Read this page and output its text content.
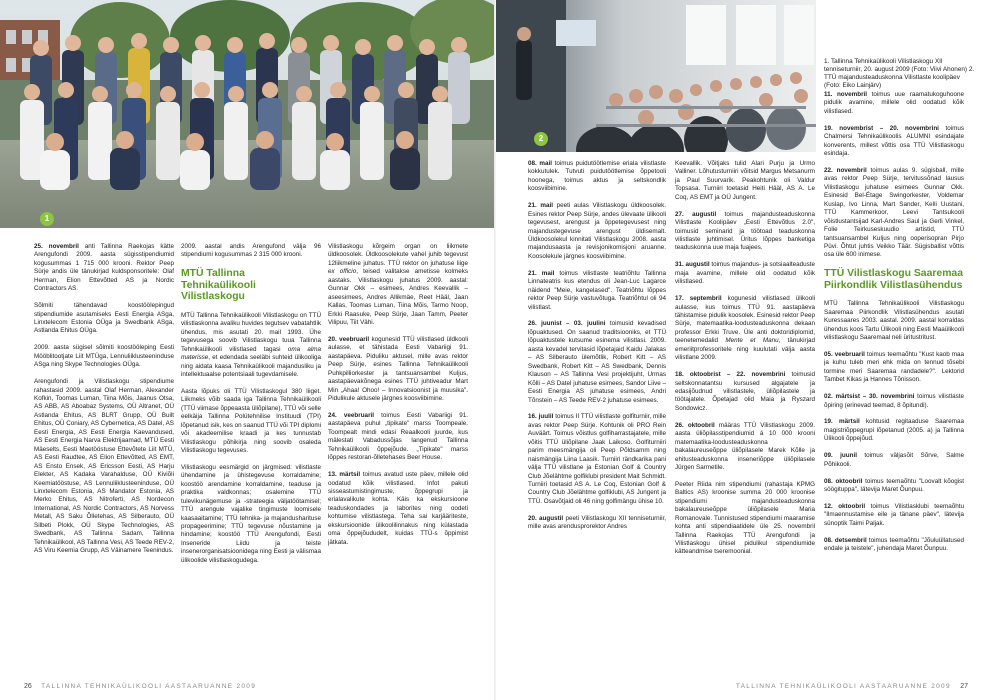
1
2
1. Tallinna Tehnikaülikooli Vilistlaskogu XII tenniseturniir, 20. august 2009 (Foto: Viivi Ahonen) 2. TTÜ majandusteaduskonna Vilistlaste koolipäev (Foto: Eiko Lainjärv)

25. novembril anti Tallinna Raekojas kätte Arengufondi 2009. aasta sügisstipendiumid kogusummas 1 715 000 krooni. Rektor Peep Sürje andis üle tänukirjad kuldsponsoritele: Olaf Herman, Elion Ettevõtted AS ja Nordic Contractors AS.

Sõlmiti tähendavad koostöölepingud stipendiumide asutamiseks Eesti Energia ASga, Linxtelecom Estonia OÜga ja Swedbank ASga, Astlanda Ehitus OÜga.

2009. aasta sügisel sõlmiti koostööleping Eesti Mööblitootjate Liit MTÜga, Lennuliiklusteeninduse ASga ning Skype Technologies OÜga.

Arengufondi ja Vilistlaskogu stipendiume rahastasid 2009. aastal Olaf Herman, Alexander Kofkin, Toomas Luman, Tiina Mõis, Jaanus Otsa, AS ABB, AS Aboabaz Systems, OÜ Altranet, OÜ Astlanda Ehitus, AS BLRT Grupp, OÜ Built Ehitus, OÜ Coniary, AS Cybernetica, AS Datel, AS Eesti Energia, AS Eesti Energia Kaevandused, AS Eesti Energia Narva Elektrijaamad, MTÜ Eesti Mäeselts, Eesti Maetööstuse Ettevõtete Liit MTÜ, AS Eesti Raudtee, AS Elion Ettevõtted, AS EMT, AS Ensto Ensek, AS Ericsson Eesti, AS Harju Elekter, AS Kadaka Varahalduse, OÜ Kiviõli Keemiatööstuse, AS Lennuliiklusteeninduse, OÜ Linxtelecom Estonia, AS Mandator Estonia, AS Merko Ehitus, AS Nitroferti, AS Nordecon International, AS Nordic Contractors, AS Norvess Metall, AS Saku Õlletehas, AS Silberauto, OÜ Silbeti Plokk, OÜ Skype Technologies, AS Swedbank, AS Tallinna Sadam, Tallinna Tehnikaülikool, AS Tallinna Vesi, AS Teede REV-2, AS Viru Keemia Grupp, AS Väinamere Teenindus.

2009. aastal andis Arengufond välja 96 stipendiumi kogusummas 2 315 000 krooni.

MTÜ Tallinna Tehnikaülikooli Vilistlaskogu

MTÜ Tallinna Tehnikaülikooli Vilistlaskogu on TTÜ vilistlaskonna avaliku huvides tegutsev vabatahtlik ühendus, mis asutati 20. mail 1993. Ühe tegevusega soovib Vilistlaskogu tuua Tallinna Tehnikaülikooli vilistlased tagasi oma alma materisse, et edendada seeläbi suhteid ülikooliga ning aidata kaasa Tehnikaülikooli majandusliku ja intellektuaalse potentsiaali tugevdamisele.

Aasta lõpuks oli TTÜ Vilistlaskogul 380 liiget. Liikmeks võib saada iga Tallinna Tehnikaülikooli (TTÜ viimase õppeaasta üliõpilane), TTÜ või selle eelkäija Tallinna Polütehnilise Instituudi (TPI) lõpetanud isik, kes on saanud TTÜ või TPI diplomi või akadeemilise kraadi ja kes tunnustab Vilistlaskogu põhikirja ning soovib osaleda Vilistlaskogu tegevuses.

Vilistlaskogu eesmärgid on järgmised: vilistlaste ühendamine ja ühistegevuse korraldamine; koostöö arendamine korraldamine, teaduse ja praktika valdkonnas; osalemine TTÜ tulevikunägemuse ja -strateegia väljatöötamisel; TTÜ arengule vajalike tingimuste loomisele kaasaaitamine; TTÜ tehnika- ja majandusharituse propageerimine; TTÜ tegevuse nõustamine ja hindamine; koostöö TTÜ Arengufondi, Eesti Inseneride Liidu ja teiste insenerorganisatsioonidega ning Eesti ja välismaa ülikoolide vilistlaskogudega.

Vilistlaskogu kõrgeim organ on liikmete üldkoosolek. Üldkoosolekute vahel juhib tegevust 12liikmeline juhatus. TTÜ rektor on juhatuse liige ex officio, teised valitakse ametisse kolmeks aastaks. Vilistlaskogu juhatus 2009. aastal: Gunnar Okk – esimees, Andres Keevallik – aseesimees, Andres Allikmäe, Reet Hääl, Jaan Kallas, Toomas Luman, Tiina Mõis, Tarmo Noop, Erkki Raasuke, Peep Sürje, Jaan Tamm, Peeter Vilipuu, Tiit Vähi.

20. veebruaril kogunesid TTÜ vilistlased üldkooli aulasse, et tähistada Eesti Vabariigi 91. aastapäeva. Piduliku aktusel, mille avas rektor Peep Sürje, esines Tallinna Tehnikaülikooli Puhkpilliorkester ja tantsuansambel Kuljus, aastapäevakõnega esines TTÜ juhtiveadur Mart Min „Ahaa! Ohoo! – Innovatsioonist ja muusika". Pidulikule aktusele järgnes koosviibimine.

24. veebruaril toimus Eesti Vabariigi 91. aastapäeva puhul „tipikate" marss Toompeale. Toompealt mindi edasi Reaalkooli juurde, kus mälestati Vabadussõjas langenud Tallinna Tehnikaülikooli õppejõude. „Tipikate" marss lõppes restoran-õlletehases Beer House.

13. märtsil toimus avatud uste päev, millele olid oodatud kõik vilistlased. Infot pakuti sisseastumistingimuste, õppegrupi ja erialavalikute kohta. Käis ka ekskursioone teaduskondades ja laborites ning oodeti kohtumise vilistlastega. Teha sai karjääriteste, ekskursioonide ülikoolilinnakus ning külastada oma õppejõududelt, kuidas TTÜ-s õppimist jätkata.

08. mail toimus puidutöötlemise eriala vilistlaste kokkutulek. Tutvuti puidutöötlemise õppetooli hoonega, toimus aktus ja seltskondlik koosviibimine.

21. mail peeti aulas Vilistlaskogu üldkoosolek. Esines rektor Peep Sürje, andes ülevaate ülikooli tegevusest, arengust ja õppetegevusest ning majandustegevuse arengust üldisemalt. Üldkoosolekul kinnitati Vilistlaskogu 2008. aasta majandusaasta ja revisjonikomisjoni aruanne. Koosolekule järgnes koosviibimine.

21. mail toimus vilistlaste teatriõhtu Tallinna Linnateatris kus etendus oli Jean-Luc Lagarce näidend "Meie, kangelased". Teatriõhtu lõppes rektor Peep Sürje vastuvõtuga. Teatriõhtul oli 94 vilistlast.

26. juunist – 03. juulini toimusid kevadised lõpuaktused. On saanud traditsiooniks, et TTÜ lõpuaktustele kutsume esinema vilistlasi. 2009. aasta kevadel tervitasid lõpetajaid Kaidu Jalakas – AS Silberauto ülemõtlik, Robert Kitt – AS Swedbank, Robert Kitt – AS Swedbank, Dennis Klauson – AS Tallinna Vesi projektijuht, Urmas Kõlli – AS Datel juhatuse esimees, Sandor Liive – Eesti Energia AS juhatuse esimees, Andri Tõnstein – AS Teede REV-2 juhatuse esimees.

16. juulil toimus II TTÜ vilistlaste golfiturniir, mille avas rektor Peep Sürje. Kohtunik oli PRO Rein Auväärt. Toimus võistlus golfiharrastajatele, mille võitis TTÜ üliõpilane Jaak Laikoso. Golfiturniiri parim meesmängija oli Peep Põldsamm ning naismängija Liina Laasik. Turniiri rändkarika pani välja TTÜ vilistlane ja Estonian Golf & Country Club Jõelähtme golfiklubi president Mait Schmidt. Turniiri toetasid AS A. Le Coq, Estonian Golf & Country Club Jõelähtme golfiklubi, AS Jungent ja TTÜ. Osavõtjaid oli 46 ning golfimängu ühise 10.

20. augustil peeti Vilistlaskogu XII tenniseturniir, mille avas arendusprorektor Andres

Keevallik. Võitjaks tulid Alari Purju ja Urmo Valliner. Lõhutusturniiri võitsid Margus Metsanurm ja Paul Suurvarik. Peakohtunik oli Valdur Topsasa. Turniiri toetasid Heiti Hääl, AS A. Le Coq, AS EMT ja OÜ Jungent.

27. augustil toimus majandusteaduskonna Vilistlaste Koolipäev „Eesti Ettevõtlus 2.0", toimusid seminarid ja töötoad teaduskonna vilistlaste juhtimisel. Üritus lõppes banketiga teaduskonna uue maja fuajees.

31. augustil toimus majandus- ja sotsiaalteaduste maja avamine, millele olid oodatud kõik vilistlased.

17. septembril kogunesid vilistlased ülikooli aulasse, kus toimus TTÜ 91. aastapäeva tähistamise pidulik koosolek. Esinesid rektor Peep Sürje, matemaatika-loodusteaduskonna dekaan professor Erkki Truve. Üle anti doktoridiplomid, teenetemedalid Mente et Manu, tänukirjad emeriitprofessoritele ning kuulutati välja aasta vilistlane 2009.

18. oktoobrist – 22. novembrini toimusid seltskonnatantsu kursused algajatele ja edasijõudnud vilistlastele, üliõpilastele ja töötajatele. Õpetajad olid Maia ja Ryszard Sondowicz.

26. oktoobril määras TTÜ Vilistlaskogu 2009. aasta üliõpilasstipendiumid á 10 000 krooni matemaatika-loodusteaduskonna bakalaureuseõppe üliõpilasele Marek Kõlle ja ehitusteaduskonna inseneriõppe üliõpilasele Jürgen Sarmetile.

Peeter Riida nim stipendiumi (rahastaja KPMG Baltics AS) kroonise summa 20 000 kroonise stipendiumi majandusteaduskonna bakalaureuseõppe üliõpilasele Maria Romanovale. Tunnistused stipendiumi maaramise kohta anti stipendiaatidele üle 25. novembril Tallinna Raekojas TTÜ Arengufondi ja Vilistlaskogu ühisel pidulikul stipendiumide kätteandmise tseremoonial.

11. novembril toimus uue raamatukoguhoone pidulik avamine, millele olid oodatud kõik vilistlased.

19. novembrist – 20. novembrini toimus Chalmersi Tehnikaülikoolis ALUMNI esindajate konverents, millest võttis osa TTÜ Vilistlaskogu esindaja.

22. novembril toimus aulas 9. sügisball, mille avas rektor Peep Sürje, tervitussõnad lausus Vilistlaskogu juhatuse esimees Gunnar Okk. Esinesid Bel-Étage Swingorkester, Voldemar Kuslap, Ivo Linna, Mart Sander, Kelli Uustani, TTÜ Kammerkoor, Leevi Tantsukooli võistlustantsijad Karl-Andres Saul ja Gerli Vinkel, Folie Teirkuseskuudio artistid, TTÜ tantsuansambel Kuljus ning ooperisopran Pirjo Püvi. Õhtut juhtis Veikko Täär. Sügisballist võttis osa üle 600 inimese.

TTÜ Vilistlaskogu Saaremaa Piirkondlik Vilistlasühendus

MTÜ Tallinna Tehnikaülikooli Vilistlaskogu Saaremaa Piirkondlik Vilistlasühendus asutati Kuressaares 2003. aastal. 2009. aastal korraldas ühendus koos Tartu Ülikooli ning Eesti Maaülikooli vilistlaskogu Saaremaal neli üritustritust.

05. veebruaril toimus teemaõhtu "Kust kaob maa ja kuhu tuleb meri ehk mida on tennud tõsebi tormine meri Saaremaa randadele?". Lektorid Tambet Kikas ja Hannes Tõnisson.

02. märtsist – 30. novembrini toimus vilistlaste õpiring (erinevad teemad, 8 õpitundi).

19. märtsil kohtusid regitaaduse Saaremaa magistriõppegrupi lõpetanud (2005. a) ja Tallinna Ülikooli õppejõud.

09. juunil toimus väljasõit Sõrve, Salme Põhikooli.

08. oktoobril toimus teemaõhtu "Loovalt kõogist söögituppa", lätevija Maret Õunpuu.

12. oktoobril toimus Vilistlasklubi teemaõhtu "Ilmaennustamise eile ja tänane päev", lätevija sünoptik Taimi Paljak.

08. detsembril toimus teemaõhtu "Jõuluüllatused endale ja teistele", juhendaja Maret Õunpuu.

26 TALLINNA TEHNIKAÜLIKOOLI AASTAARUANNE 2009	TALLINNA TEHNIKAÜLIKOOLI AASTAARUANNE 2009 27
